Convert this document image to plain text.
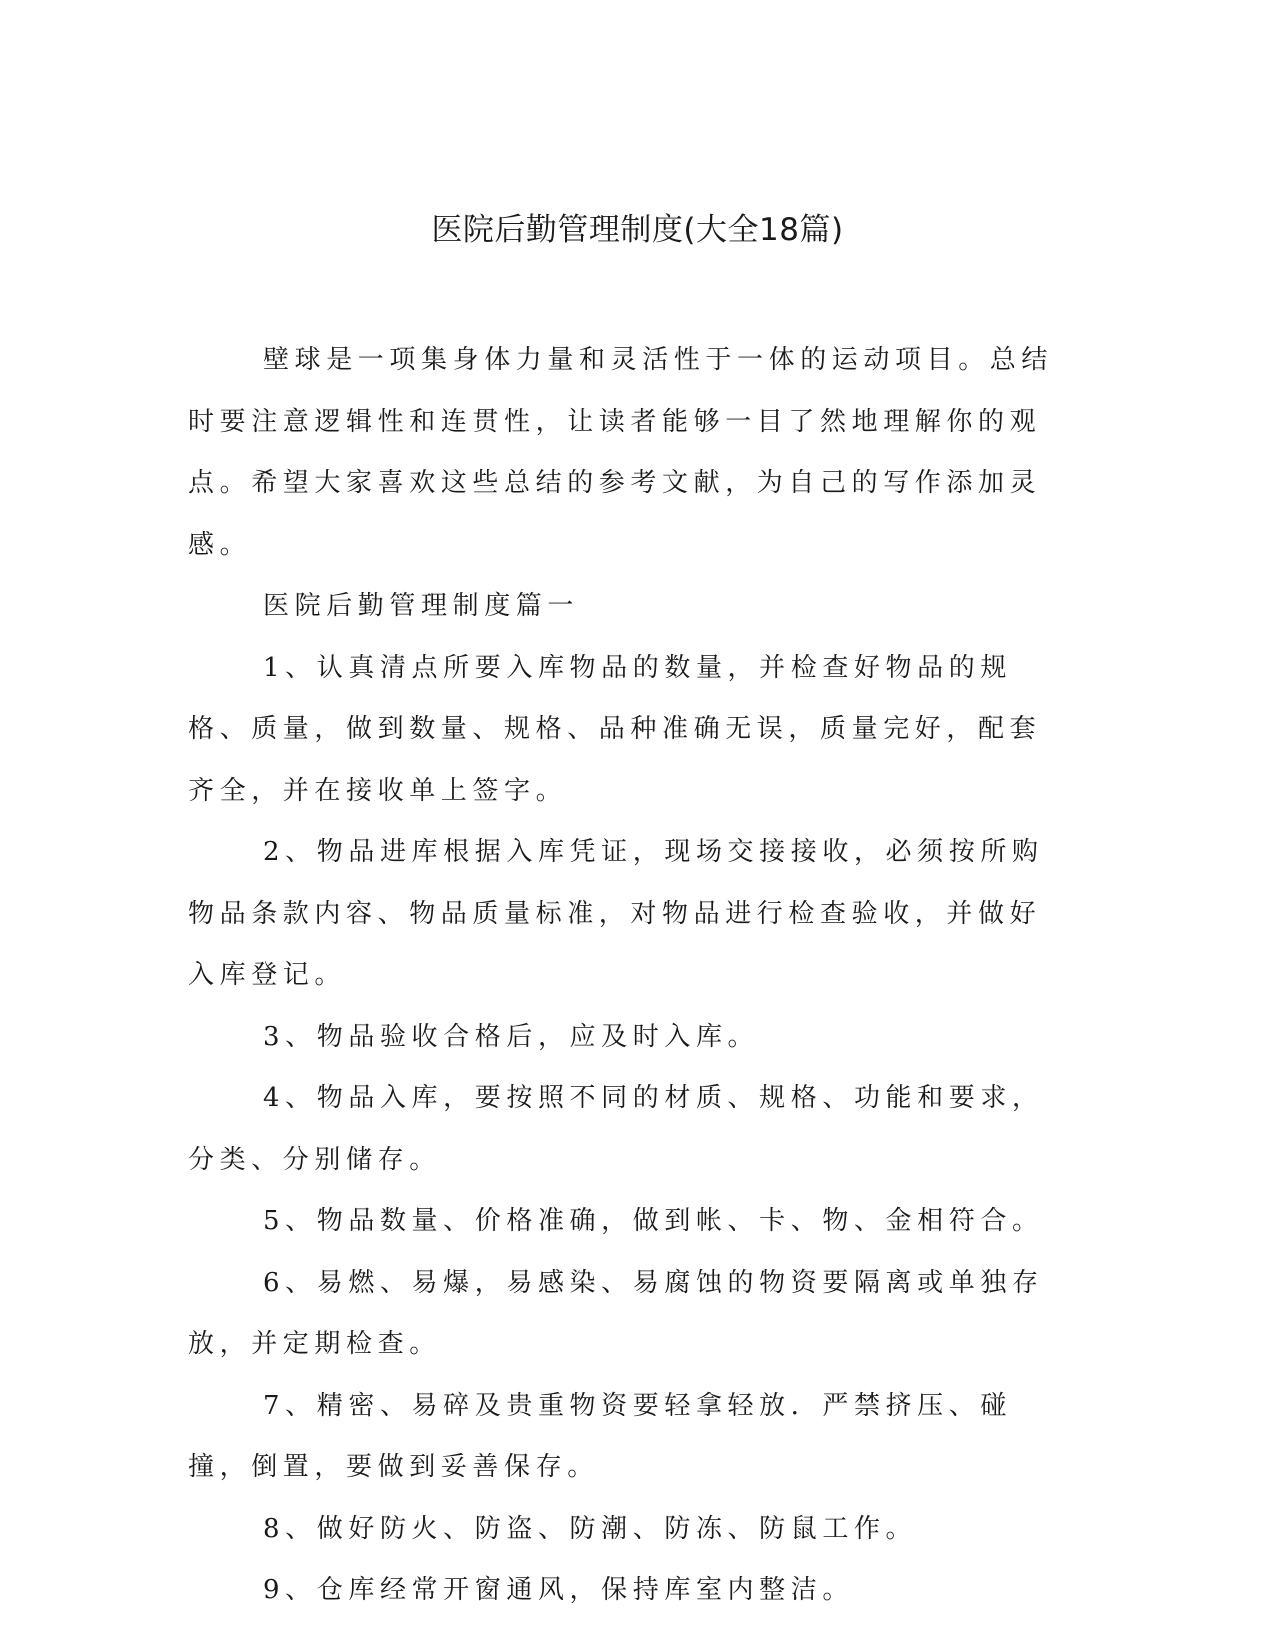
医院后勤管理制度(大全18篇)

壁球是一项集身体力量和灵活性于一体的运动项目。总结时要注意逻辑性和连贯性，让读者能够一目了然地理解你的观点。希望大家喜欢这些总结的参考文献，为自己的写作添加灵感。

医院后勤管理制度篇一

1、认真清点所要入库物品的数量，并检查好物品的规格、质量，做到数量、规格、品种准确无误，质量完好，配套齐全，并在接收单上签字。

2、物品进库根据入库凭证，现场交接接收，必须按所购物品条款内容、物品质量标准，对物品进行检查验收，并做好入库登记。

3、物品验收合格后，应及时入库。

4、物品入库，要按照不同的材质、规格、功能和要求，分类、分别储存。

5、物品数量、价格准确，做到帐、卡、物、金相符合。

6、易燃、易爆，易感染、易腐蚀的物资要隔离或单独存放，并定期检查。

7、精密、易碎及贵重物资要轻拿轻放．严禁挤压、碰撞，倒置，要做到妥善保存。

8、做好防火、防盗、防潮、防冻、防鼠工作。

9、仓库经常开窗通风，保持库室内整洁。
